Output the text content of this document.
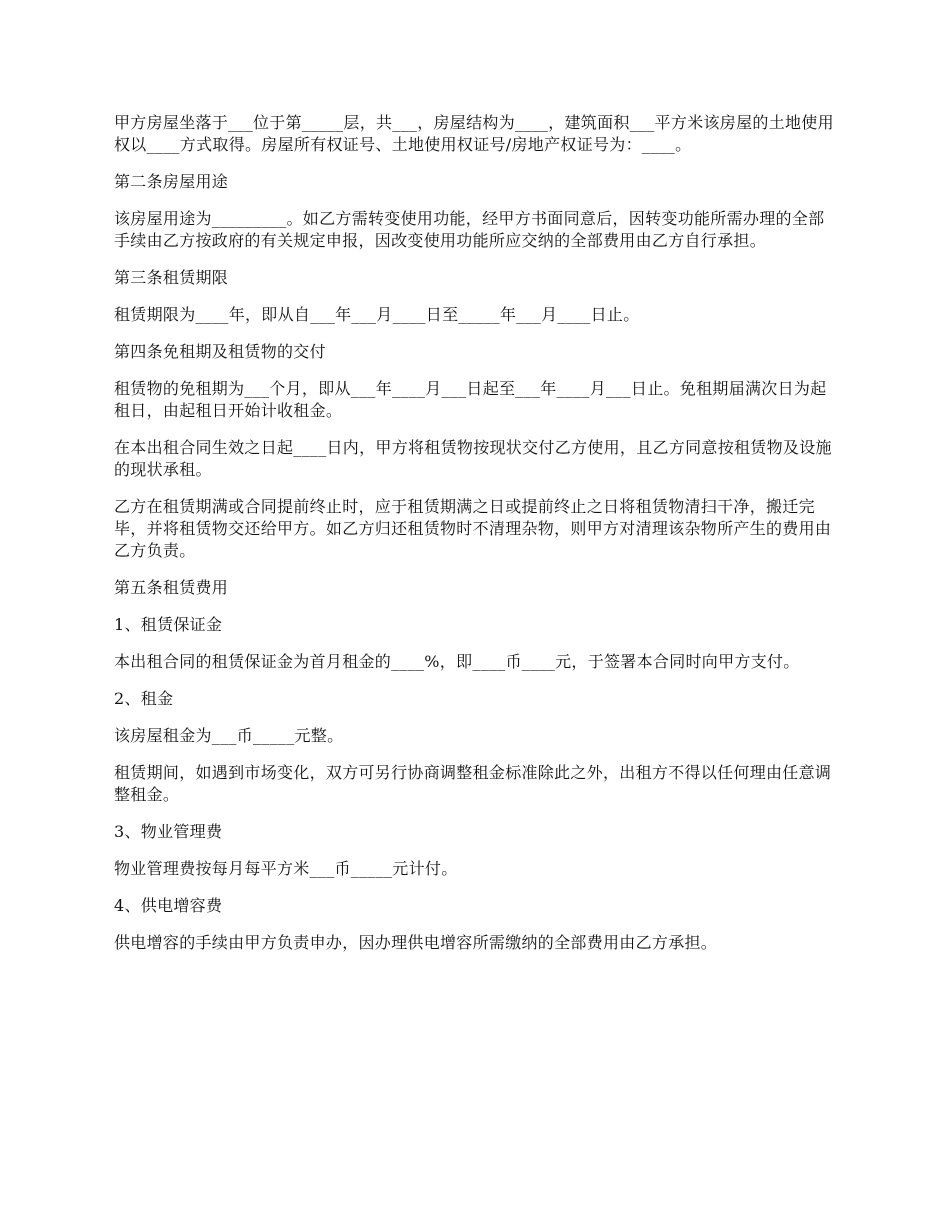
甲方房屋坐落于___位于第_____层，共___，房屋结构为____，建筑面积___平方米该房屋的土地使用权以____方式取得。房屋所有权证号、土地使用权证号/房地产权证号为：____。

第二条房屋用途

该房屋用途为_________。如乙方需转变使用功能，经甲方书面同意后，因转变功能所需办理的全部手续由乙方按政府的有关规定申报，因改变使用功能所应交纳的全部费用由乙方自行承担。

第三条租赁期限

租赁期限为____年，即从自___年___月____日至_____年___月____日止。

第四条免租期及租赁物的交付

租赁物的免租期为___个月，即从___年____月___日起至___年____月___日止。免租期届满次日为起租日，由起租日开始计收租金。

在本出租合同生效之日起____日内，甲方将租赁物按现状交付乙方使用，且乙方同意按租赁物及设施的现状承租。

乙方在租赁期满或合同提前终止时，应于租赁期满之日或提前终止之日将租赁物清扫干净，搬迁完毕，并将租赁物交还给甲方。如乙方归还租赁物时不清理杂物，则甲方对清理该杂物所产生的费用由乙方负责。

第五条租赁费用

1、租赁保证金

本出租合同的租赁保证金为首月租金的____%，即____币____元，于签署本合同时向甲方支付。

2、租金

该房屋租金为___币_____元整。

租赁期间，如遇到市场变化，双方可另行协商调整租金标准除此之外，出租方不得以任何理由任意调整租金。

3、物业管理费

物业管理费按每月每平方米___币_____元计付。

4、供电增容费

供电增容的手续由甲方负责申办，因办理供电增容所需缴纳的全部费用由乙方承担。
